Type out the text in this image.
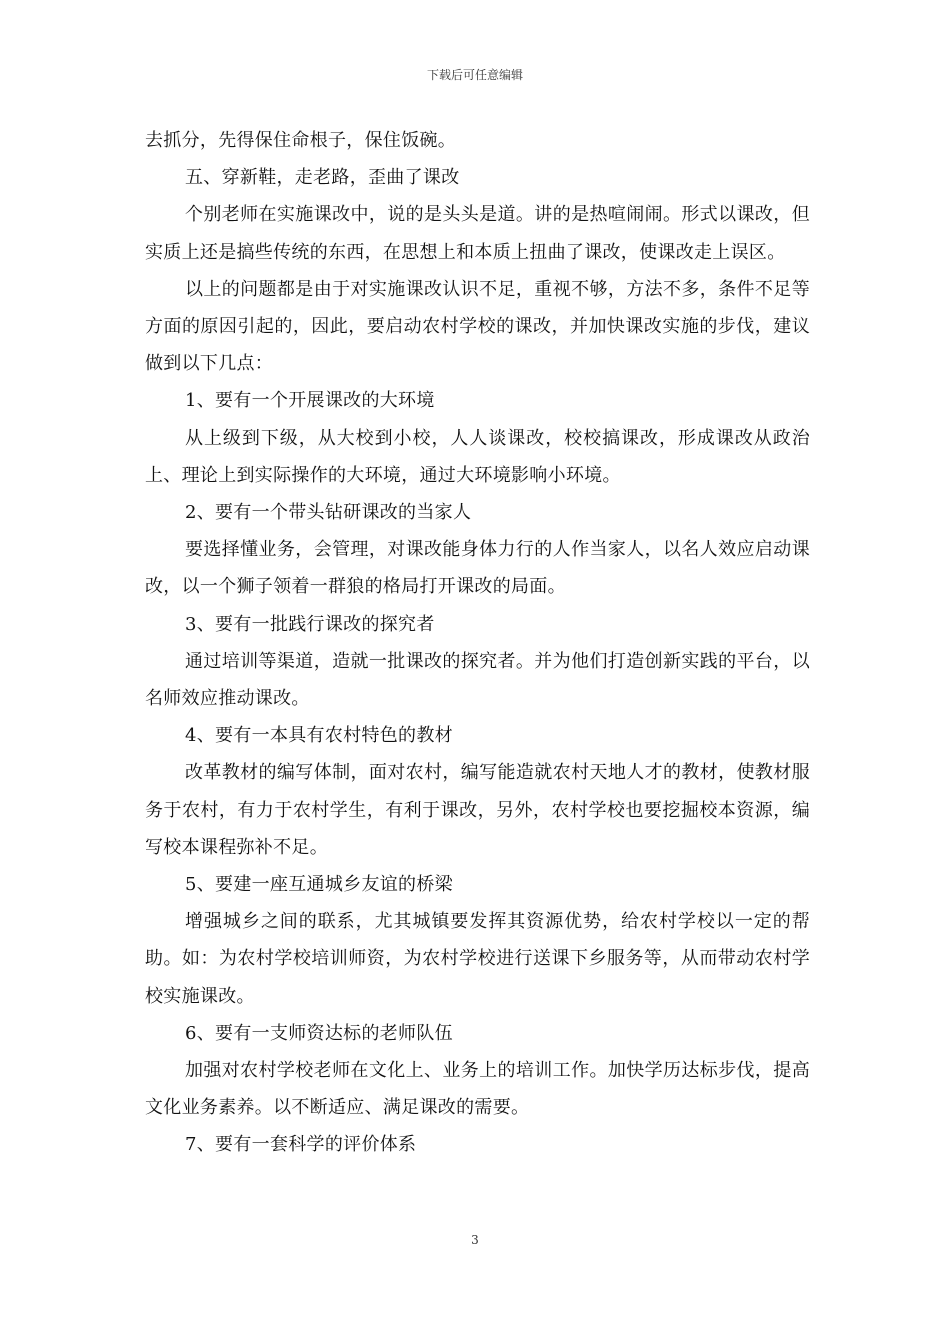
下载后可任意编辑

去抓分，先得保住命根子，保住饭碗。

五、穿新鞋，走老路，歪曲了课改

个别老师在实施课改中，说的是头头是道。讲的是热喧闹闹。形式以课改，但实质上还是搞些传统的东西，在思想上和本质上扭曲了课改，使课改走上误区。

以上的问题都是由于对实施课改认识不足，重视不够，方法不多，条件不足等方面的原因引起的，因此，要启动农村学校的课改，并加快课改实施的步伐，建议做到以下几点：

1、要有一个开展课改的大环境

从上级到下级，从大校到小校，人人谈课改，校校搞课改，形成课改从政治上、理论上到实际操作的大环境，通过大环境影响小环境。

2、要有一个带头钻研课改的当家人

要选择懂业务，会管理，对课改能身体力行的人作当家人，以名人效应启动课改，以一个狮子领着一群狼的格局打开课改的局面。

3、要有一批践行课改的探究者

通过培训等渠道，造就一批课改的探究者。并为他们打造创新实践的平台，以名师效应推动课改。

4、要有一本具有农村特色的教材

改革教材的编写体制，面对农村，编写能造就农村天地人才的教材，使教材服务于农村，有力于农村学生，有利于课改，另外，农村学校也要挖掘校本资源，编写校本课程弥补不足。

5、要建一座互通城乡友谊的桥梁

增强城乡之间的联系，尤其城镇要发挥其资源优势，给农村学校以一定的帮助。如：为农村学校培训师资，为农村学校进行送课下乡服务等，从而带动农村学校实施课改。

6、要有一支师资达标的老师队伍

加强对农村学校老师在文化上、业务上的培训工作。加快学历达标步伐，提高文化业务素养。以不断适应、满足课改的需要。

7、要有一套科学的评价体系

3
